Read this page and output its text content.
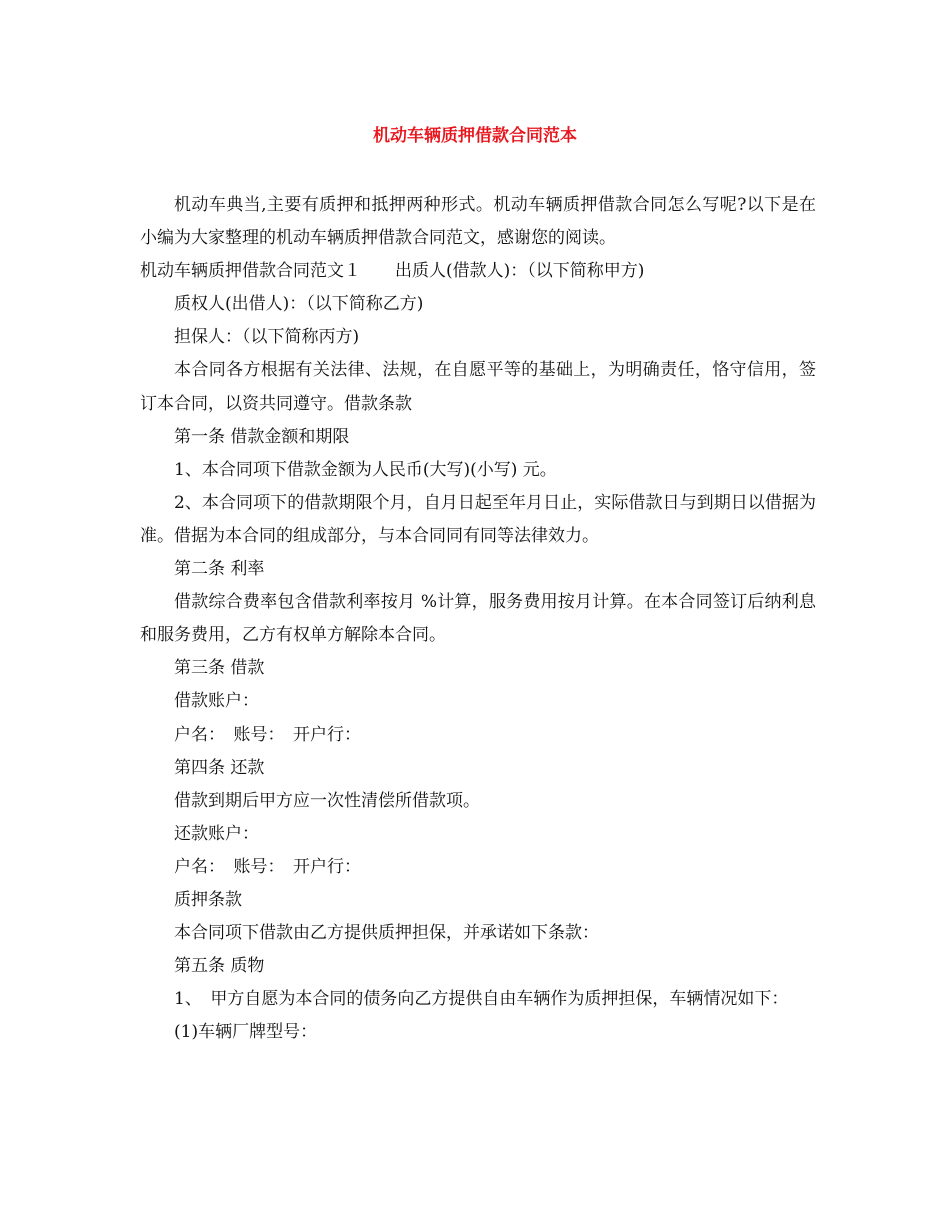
机动车辆质押借款合同范本

机动车典当,主要有质押和抵押两种形式。机动车辆质押借款合同怎么写呢?以下是在小编为大家整理的机动车辆质押借款合同范文，感谢您的阅读。

机动车辆质押借款合同范文１　　出质人(借款人)：（以下简称甲方)

质权人(出借人)：（以下简称乙方)

担保人：（以下简称丙方)

本合同各方根据有关法律、法规，在自愿平等的基础上，为明确责任，恪守信用，签订本合同，以资共同遵守。借款条款

第一条 借款金额和期限

1、本合同项下借款金额为人民币(大写)(小写) 元。

2、本合同项下的借款期限个月，自月日起至年月日止，实际借款日与到期日以借据为准。借据为本合同的组成部分，与本合同同有同等法律效力。

第二条 利率

借款综合费率包含借款利率按月 %计算，服务费用按月计算。在本合同签订后纳利息和服务费用，乙方有权单方解除本合同。

第三条 借款

借款账户：

户名：　账号：　开户行：

第四条 还款

借款到期后甲方应一次性清偿所借款项。

还款账户：

户名：　账号：　开户行：

质押条款

本合同项下借款由乙方提供质押担保，并承诺如下条款：

第五条 质物

1、　甲方自愿为本合同的债务向乙方提供自由车辆作为质押担保，车辆情况如下：

(1)车辆厂牌型号：
